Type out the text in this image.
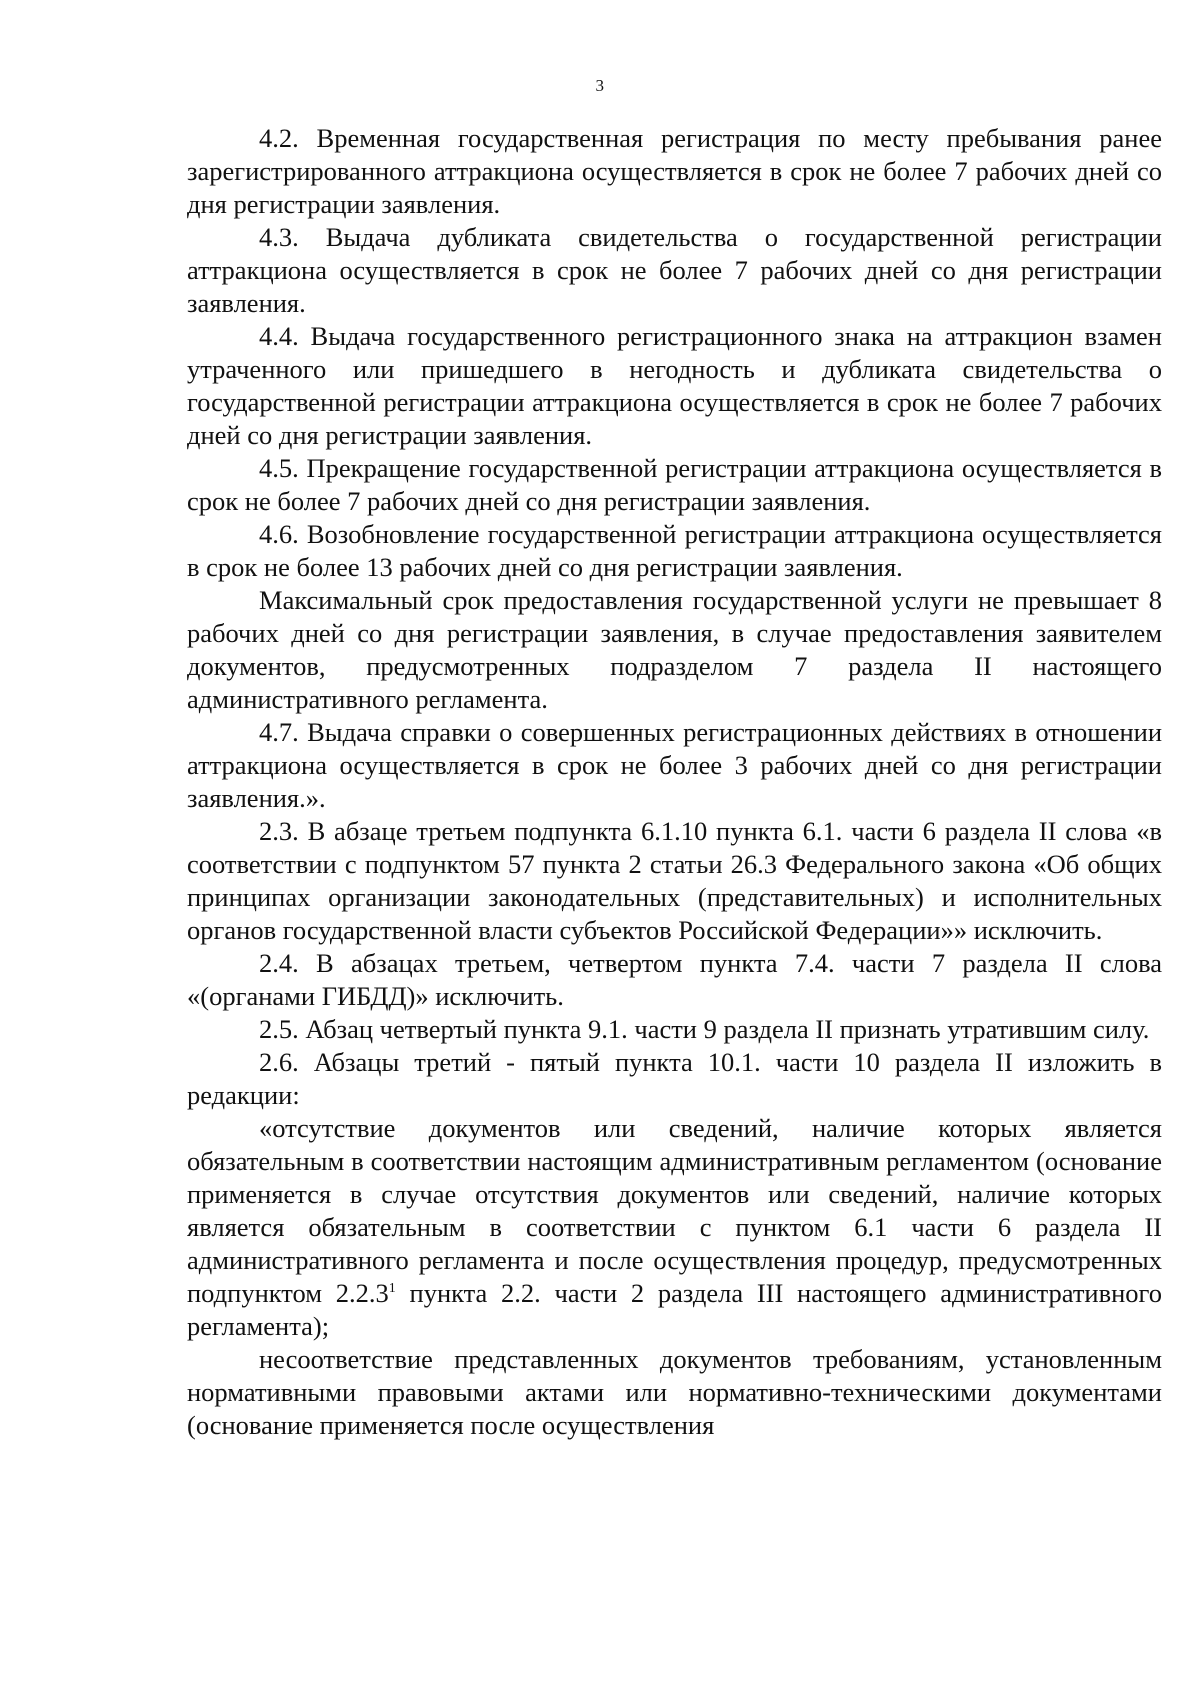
3

4.2. Временная государственная регистрация по месту пребывания ранее зарегистрированного аттракциона осуществляется в срок не более 7 рабочих дней со дня регистрации заявления.

4.3. Выдача дубликата свидетельства о государственной регистрации аттракциона осуществляется в срок не более 7 рабочих дней со дня регистрации заявления.

4.4. Выдача государственного регистрационного знака на аттракцион взамен утраченного или пришедшего в негодность и дубликата свидетельства о государственной регистрации аттракциона осуществляется в срок не более 7 рабочих дней со дня регистрации заявления.

4.5. Прекращение государственной регистрации аттракциона осуществляется в срок не более 7 рабочих дней со дня регистрации заявления.

4.6. Возобновление государственной регистрации аттракциона осуществляется в срок не более 13 рабочих дней со дня регистрации заявления.

Максимальный срок предоставления государственной услуги не превышает 8 рабочих дней со дня регистрации заявления, в случае предоставления заявителем документов, предусмотренных подразделом 7 раздела II настоящего административного регламента.

4.7. Выдача справки о совершенных регистрационных действиях в отношении аттракциона осуществляется в срок не более 3 рабочих дней со дня регистрации заявления.».

2.3. В абзаце третьем подпункта 6.1.10 пункта 6.1. части 6 раздела II слова «в соответствии с подпунктом 57 пункта 2 статьи 26.3 Федерального закона «Об общих принципах организации законодательных (представительных) и исполнительных органов государственной власти субъектов Российской Федерации»» исключить.

2.4. В абзацах третьем, четвертом пункта 7.4. части 7 раздела II слова «(органами ГИБДД)» исключить.

2.5. Абзац четвертый пункта 9.1. части 9 раздела II признать утратившим силу.

2.6. Абзацы третий - пятый пункта 10.1. части 10 раздела II изложить в редакции:

«отсутствие документов или сведений, наличие которых является обязательным в соответствии настоящим административным регламентом (основание применяется в случае отсутствия документов или сведений, наличие которых является обязательным в соответствии с пунктом 6.1 части 6 раздела II административного регламента и после осуществления процедур, предусмотренных подпунктом 2.2.3$^1$ пункта 2.2. части 2 раздела III настоящего административного регламента);

несоответствие представленных документов требованиям, установленным нормативными правовыми актами или нормативно-техническими документами (основание применяется после осуществления
